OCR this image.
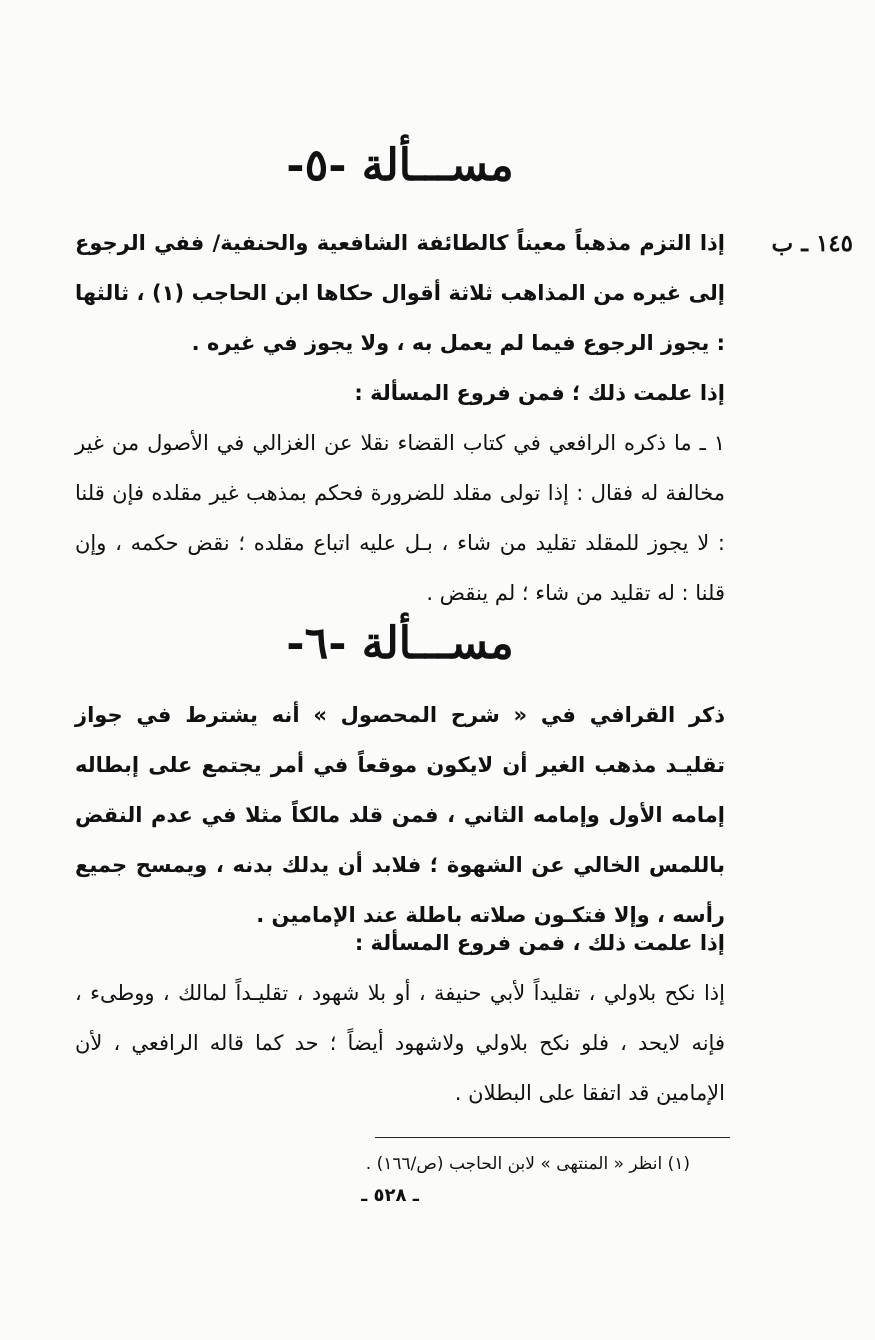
مســـألة -٥-
١٤٥ ـ ب

إذا التزم مذهباً معيناً كالطائفة الشافعية والحنفية/ ففي الرجوع إلى غيره من المذاهب ثلاثة أقوال حكاها ابن الحاجب (١) ، ثالثها : يجوز الرجوع فيما لم يعمل به ، ولا يجوز في غيره .

إذا علمت ذلك ؛ فمن فروع المسألة :

١ ـ ما ذكره الرافعي في كتاب القضاء نقلا عن الغزالي في الأصول من غير مخالفة له فقال : إذا تولى مقلد للضرورة فحكم بمذهب غير مقلده فإن قلنا : لا يجوز للمقلد تقليد من شاء ، بـل عليه اتباع مقلده ؛ نقض حكمه ، وإن قلنا : له تقليد من شاء ؛ لم ينقض .

مســـألة -٦-

ذكر القرافي في « شرح المحصول » أنه يشترط في جواز تقليـد مذهب الغير أن لايكون موقعاً في أمر يجتمع على إبطاله إمامه الأول وإمامه الثاني ، فمن قلد مالكاً مثلا في عدم النقض باللمس الخالي عن الشهوة ؛ فلابد أن يدلك بدنه ، ويمسح جميع رأسه ، وإلا فتكـون صلاته باطلة عند الإمامين .

إذا علمت ذلك ، فمن فروع المسألة :

إذا نكح بلاولي ، تقليداً لأبي حنيفة ، أو بلا شهود ، تقليـداً لمالك ، ووطىء ، فإنه لايحد ، فلو نكح بلاولي ولاشهود أيضاً ؛ حد كما قاله الرافعي ، لأن الإمامين قد اتفقا على البطلان .

(١) انظر « المنتهى » لابن الحاجب (ص/١٦٦) .
ـ ٥٢٨ ـ
